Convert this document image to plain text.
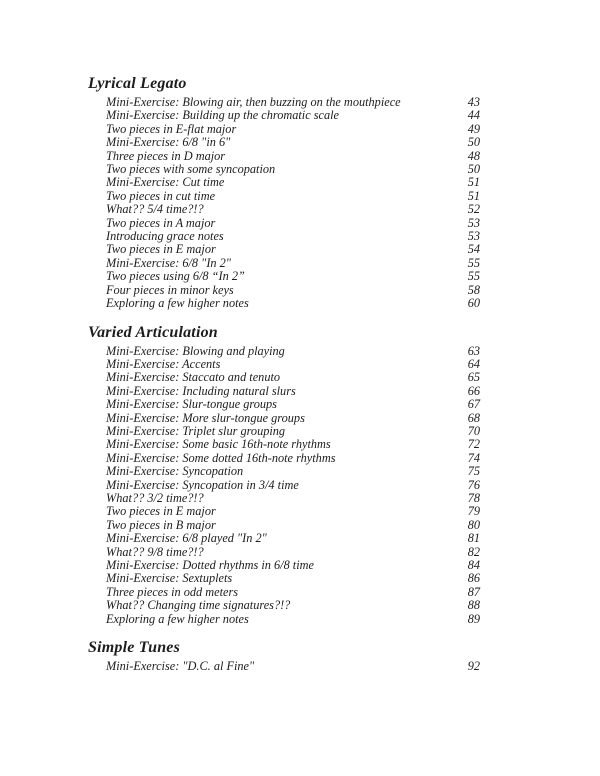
Lyrical Legato
Mini-Exercise: Blowing air, then buzzing on the mouthpiece	43
Mini-Exercise: Building up the chromatic scale	44
Two pieces in E-flat major	49
Mini-Exercise: 6/8 "in 6"	50
Three pieces in D major	48
Two pieces with some syncopation	50
Mini-Exercise: Cut time	51
Two pieces in cut time	51
What?? 5/4 time?!?	52
Two pieces in A major	53
Introducing grace notes	53
Two pieces in E major	54
Mini-Exercise: 6/8 "In 2"	55
Two pieces using 6/8 “In 2”	55
Four pieces in minor keys	58
Exploring a few higher notes	60
Varied Articulation
Mini-Exercise: Blowing and playing	63
Mini-Exercise: Accents	64
Mini-Exercise: Staccato and tenuto	65
Mini-Exercise: Including natural slurs	66
Mini-Exercise: Slur-tongue groups	67
Mini-Exercise: More slur-tongue groups	68
Mini-Exercise: Triplet slur grouping	70
Mini-Exercise: Some basic 16th-note rhythms	72
Mini-Exercise: Some dotted 16th-note rhythms	74
Mini-Exercise: Syncopation	75
Mini-Exercise: Syncopation in 3/4 time	76
What?? 3/2 time?!?	78
Two pieces in E major	79
Two pieces in B major	80
Mini-Exercise: 6/8 played "In 2"	81
What?? 9/8 time?!?	82
Mini-Exercise: Dotted rhythms in 6/8 time	84
Mini-Exercise: Sextuplets	86
Three pieces in odd meters	87
What?? Changing time signatures?!?	88
Exploring a few higher notes	89
Simple Tunes
Mini-Exercise: "D.C. al Fine"	92
